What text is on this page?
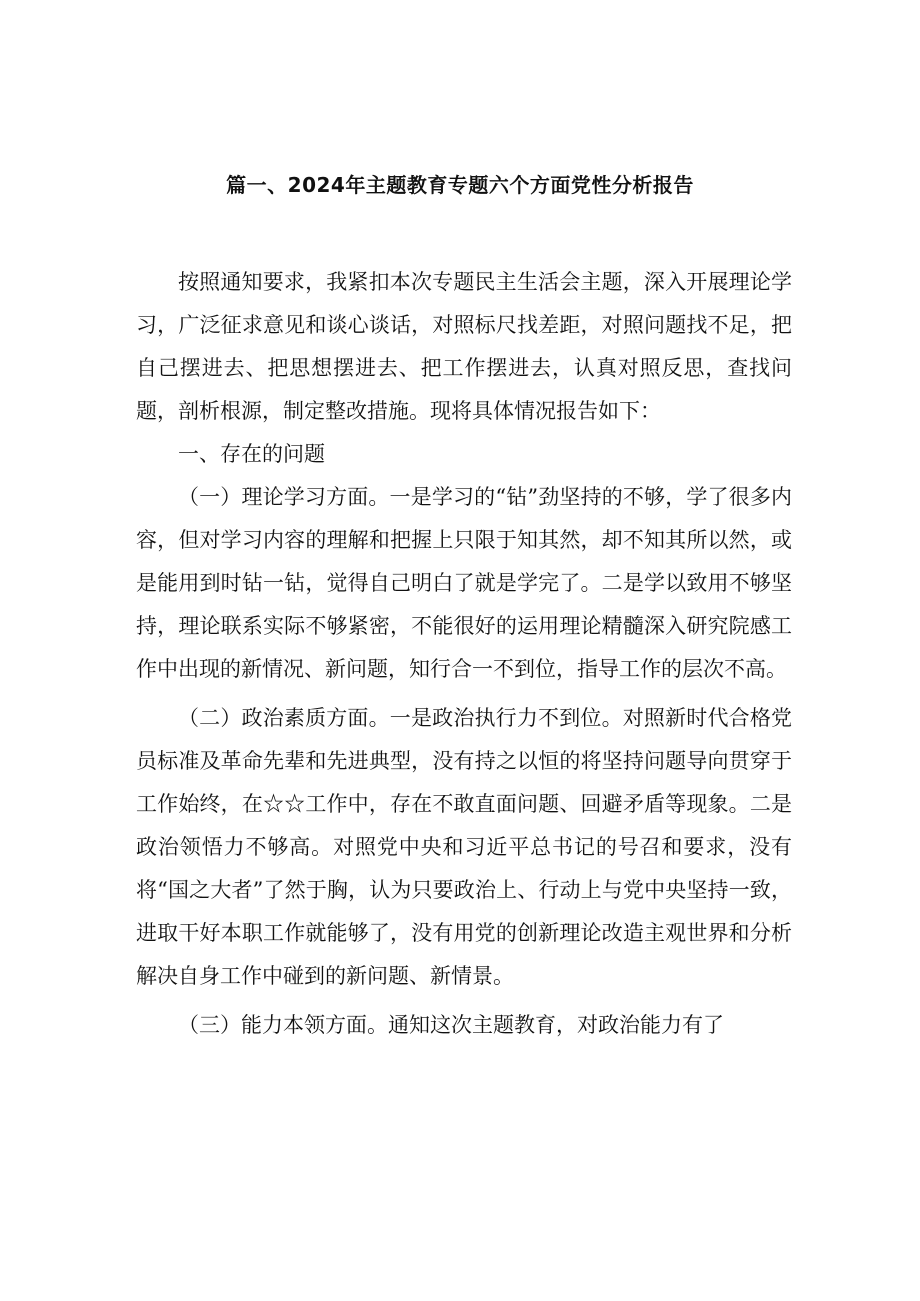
篇一、2024年主题教育专题六个方面党性分析报告

按照通知要求，我紧扣本次专题民主生活会主题，深入开展理论学习，广泛征求意见和谈心谈话，对照标尺找差距，对照问题找不足，把自己摆进去、把思想摆进去、把工作摆进去，认真对照反思，查找问题，剖析根源，制定整改措施。现将具体情况报告如下：

一、存在的问题

（一）理论学习方面。一是学习的“钻”劲坚持的不够，学了很多内容，但对学习内容的理解和把握上只限于知其然，却不知其所以然，或是能用到时钻一钻，觉得自己明白了就是学完了。二是学以致用不够坚持，理论联系实际不够紧密，不能很好的运用理论精髓深入研究院感工作中出现的新情况、新问题，知行合一不到位，指导工作的层次不高。

（二）政治素质方面。一是政治执行力不到位。对照新时代合格党员标准及革命先辈和先进典型，没有持之以恒的将坚持问题导向贯穿于工作始终，在☆☆工作中，存在不敢直面问题、回避矛盾等现象。二是政治领悟力不够高。对照党中央和习近平总书记的号召和要求，没有将“国之大者”了然于胸，认为只要政治上、行动上与党中央坚持一致，进取干好本职工作就能够了，没有用党的创新理论改造主观世界和分析解决自身工作中碰到的新问题、新情景。

（三）能力本领方面。通知这次主题教育，对政治能力有了
